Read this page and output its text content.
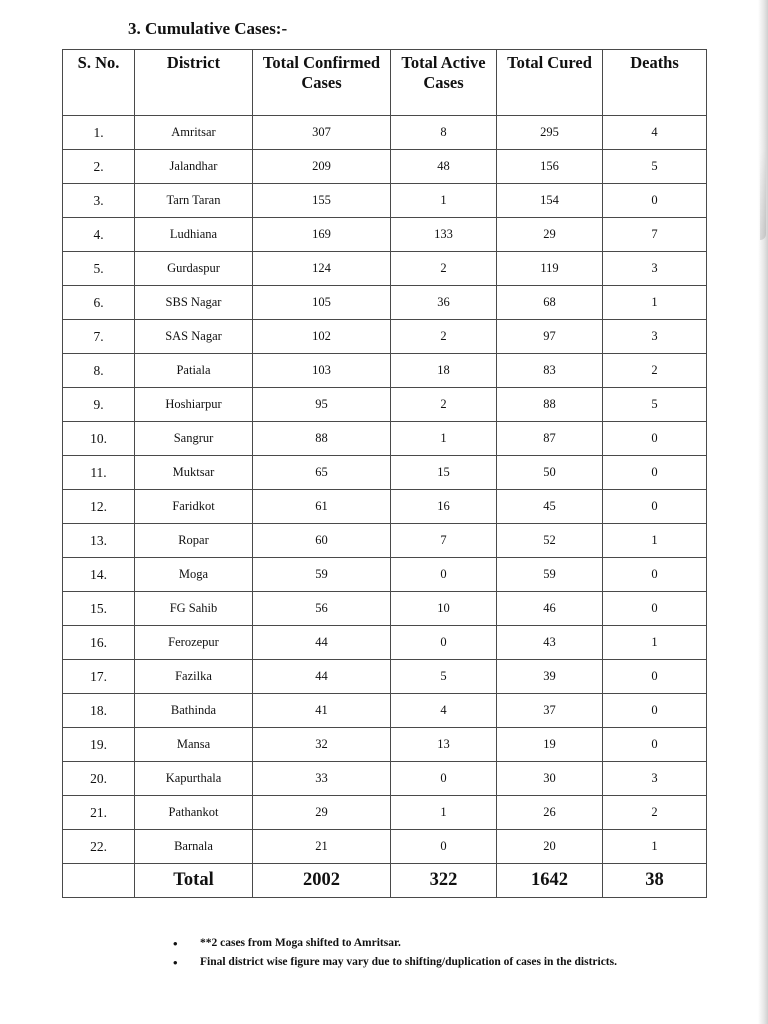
3. Cumulative Cases:-
S. No.	District	Total Confirmed Cases	Total Active Cases	Total Cured	Deaths
1.	Amritsar	307	8	295	4
2.	Jalandhar	209	48	156	5
3.	Tarn Taran	155	1	154	0
4.	Ludhiana	169	133	29	7
5.	Gurdaspur	124	2	119	3
6.	SBS Nagar	105	36	68	1
7.	SAS Nagar	102	2	97	3
8.	Patiala	103	18	83	2
9.	Hoshiarpur	95	2	88	5
10.	Sangrur	88	1	87	0
11.	Muktsar	65	15	50	0
12.	Faridkot	61	16	45	0
13.	Ropar	60	7	52	1
14.	Moga	59	0	59	0
15.	FG Sahib	56	10	46	0
16.	Ferozepur	44	0	43	1
17.	Fazilka	44	5	39	0
18.	Bathinda	41	4	37	0
19.	Mansa	32	13	19	0
20.	Kapurthala	33	0	30	3
21.	Pathankot	29	1	26	2
22.	Barnala	21	0	20	1
	Total	2002	322	1642	38
• **2 cases from Moga shifted to Amritsar.
• Final district wise figure may vary due to shifting/duplication of cases in the districts.
